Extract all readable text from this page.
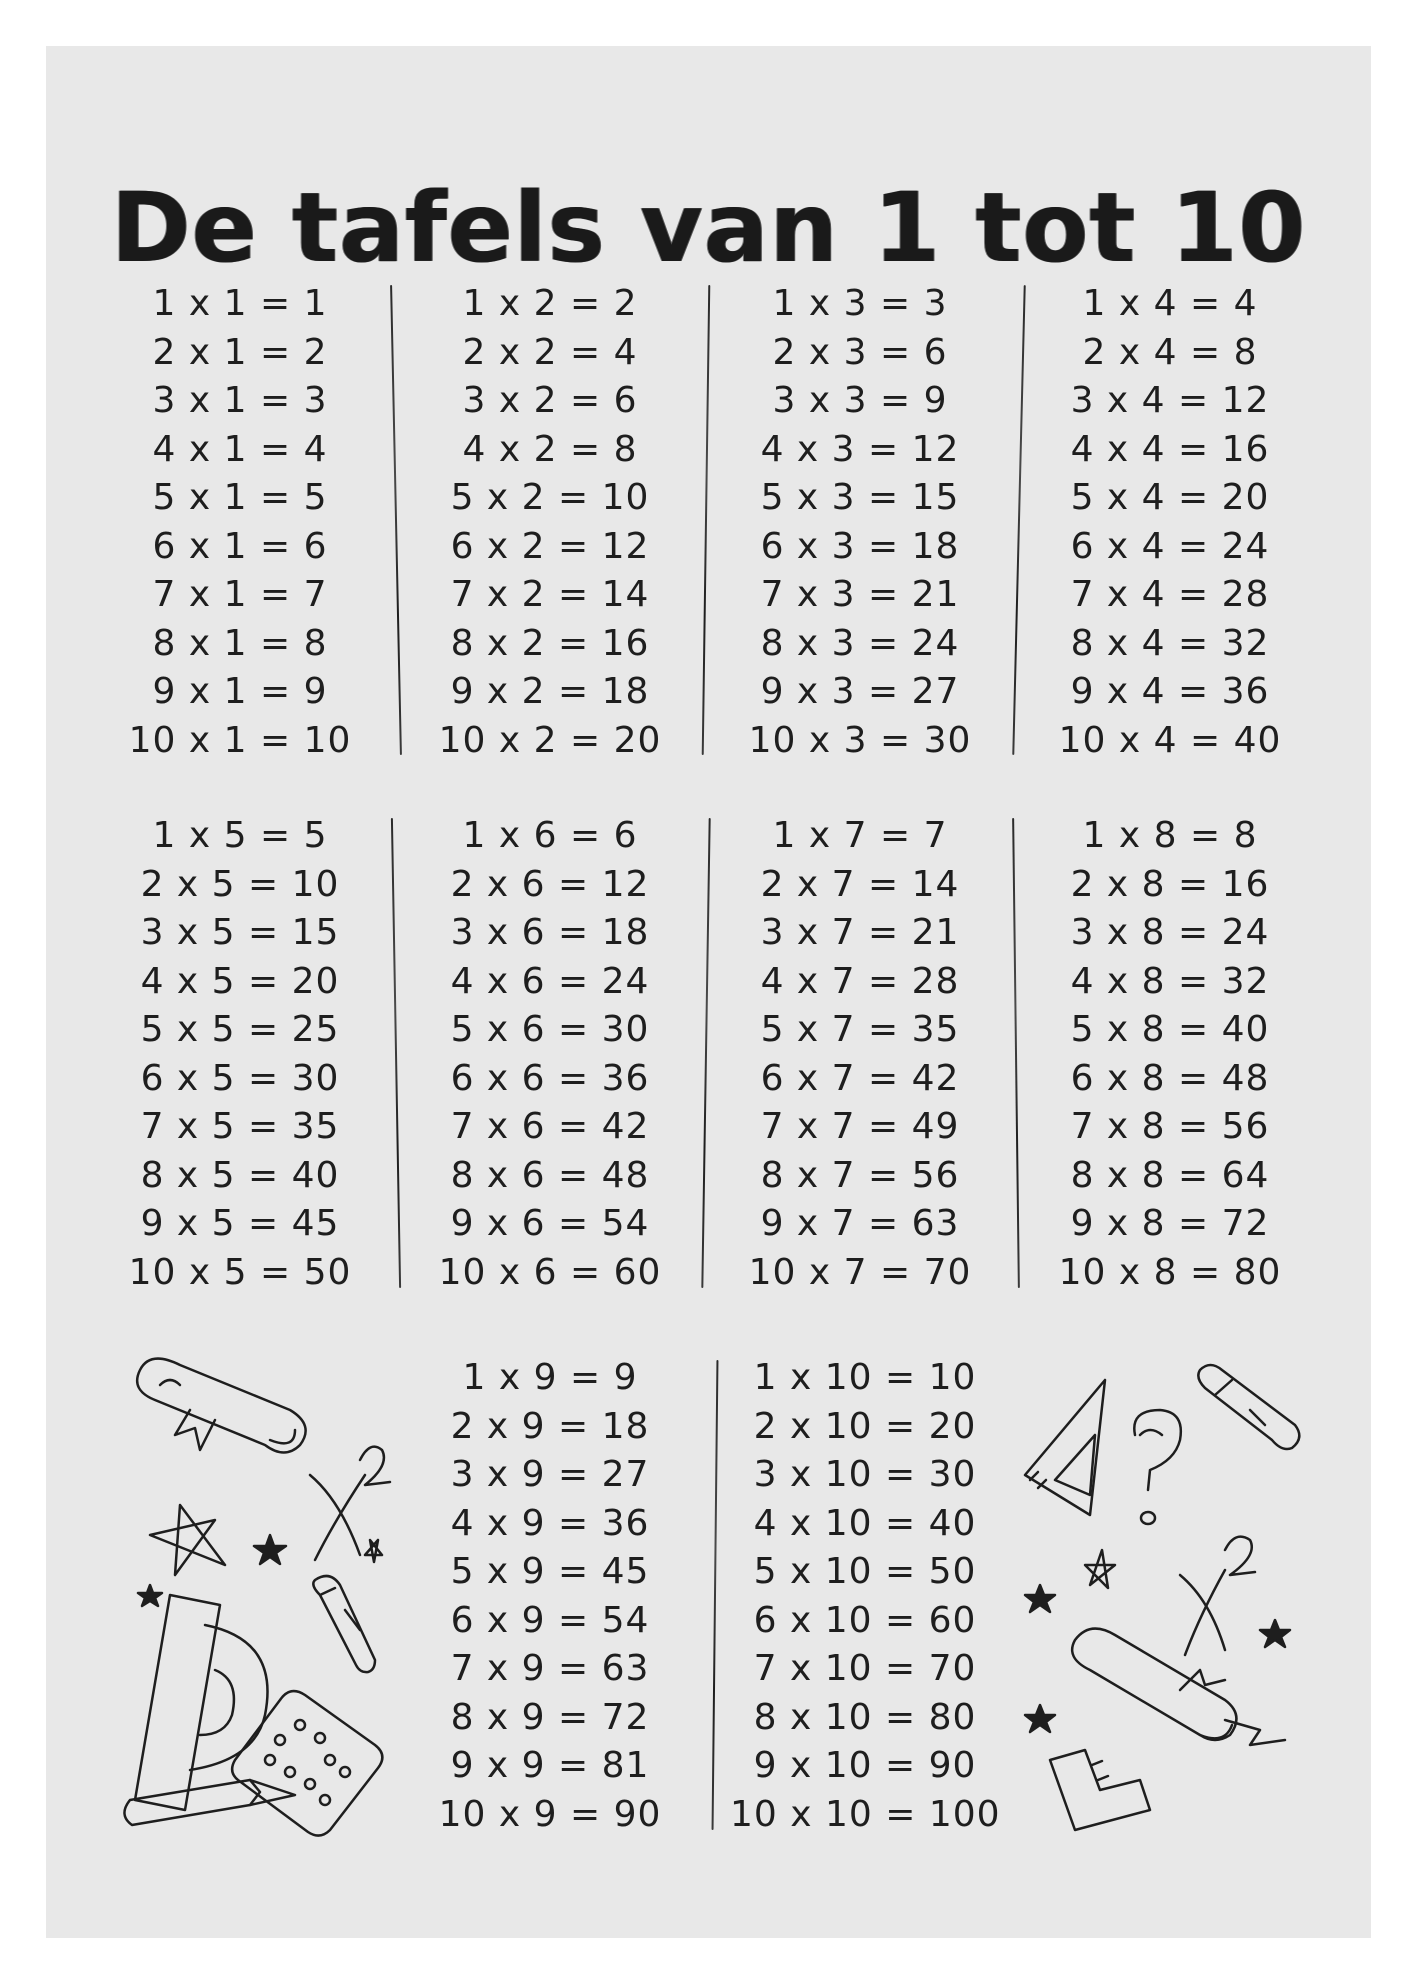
De tafels van 1 tot 10
1 x 1 = 1
2 x 1 = 2
3 x 1 = 3
4 x 1 = 4
5 x 1 = 5
6 x 1 = 6
7 x 1 = 7
8 x 1 = 8
9 x 1 = 9
10 x 1 = 10
1 x 2 = 2
2 x 2 = 4
3 x 2 = 6
4 x 2 = 8
5 x 2 = 10
6 x 2 = 12
7 x 2 = 14
8 x 2 = 16
9 x 2 = 18
10 x 2 = 20
1 x 3 = 3
2 x 3 = 6
3 x 3 = 9
4 x 3 = 12
5 x 3 = 15
6 x 3 = 18
7 x 3 = 21
8 x 3 = 24
9 x 3 = 27
10 x 3 = 30
1 x 4 = 4
2 x 4 = 8
3 x 4 = 12
4 x 4 = 16
5 x 4 = 20
6 x 4 = 24
7 x 4 = 28
8 x 4 = 32
9 x 4 = 36
10 x 4 = 40
1 x 5 = 5
2 x 5 = 10
3 x 5 = 15
4 x 5 = 20
5 x 5 = 25
6 x 5 = 30
7 x 5 = 35
8 x 5 = 40
9 x 5 = 45
10 x 5 = 50
1 x 6 = 6
2 x 6 = 12
3 x 6 = 18
4 x 6 = 24
5 x 6 = 30
6 x 6 = 36
7 x 6 = 42
8 x 6 = 48
9 x 6 = 54
10 x 6 = 60
1 x 7 = 7
2 x 7 = 14
3 x 7 = 21
4 x 7 = 28
5 x 7 = 35
6 x 7 = 42
7 x 7 = 49
8 x 7 = 56
9 x 7 = 63
10 x 7 = 70
1 x 8 = 8
2 x 8 = 16
3 x 8 = 24
4 x 8 = 32
5 x 8 = 40
6 x 8 = 48
7 x 8 = 56
8 x 8 = 64
9 x 8 = 72
10 x 8 = 80
1 x 9 = 9
2 x 9 = 18
3 x 9 = 27
4 x 9 = 36
5 x 9 = 45
6 x 9 = 54
7 x 9 = 63
8 x 9 = 72
9 x 9 = 81
10 x 9 = 90
1 x 10 = 10
2 x 10 = 20
3 x 10 = 30
4 x 10 = 40
5 x 10 = 50
6 x 10 = 60
7 x 10 = 70
8 x 10 = 80
9 x 10 = 90
10 x 10 = 100
